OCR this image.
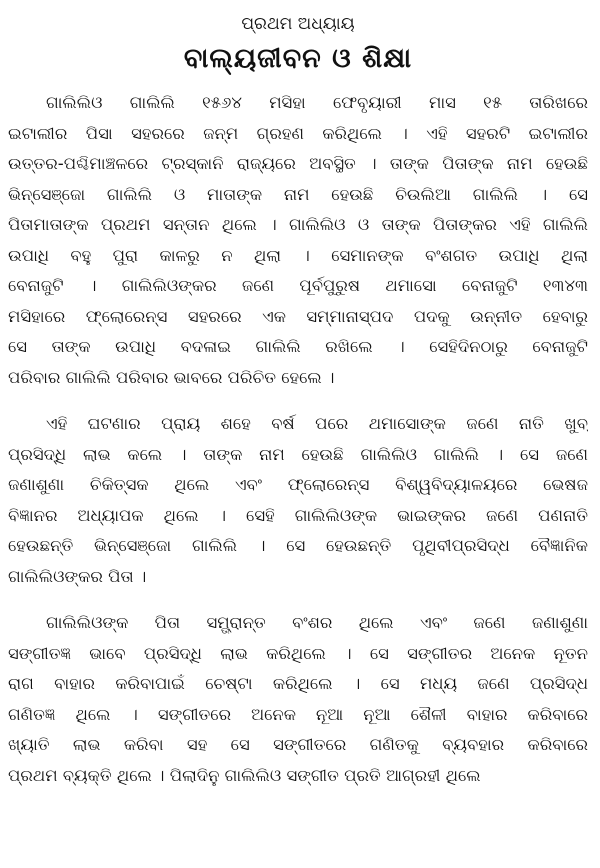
ପ୍ରଥମ ଅଧ୍ୟାୟ
ବାଲ୍ୟଜୀବନ ଓ ଶିକ୍ଷା
ଗାଲିଲିଓ ଗାଲିଲି ୧୫୬୪ ମସିହା ଫେବୃୟାରୀ ମାସ ୧୫ ତାରିଖରେ
ଇଟାଲୀର ପିସା ସହରରେ ଜନ୍ମ ଗ୍ରହଣ କରିଥିଲେ । ଏହି ସହରଟି ଇଟାଲୀର
ଉତ୍ତର-ପଶ୍ଚିମାଞ୍ଚଳରେ ଟ୍ରସ୍କାନି ରାଜ୍ୟରେ ଅବସ୍ଥିତ । ତାଙ୍କ ପିତାଙ୍କ ନାମ ହେଉଛି
ଭିନ୍‌ସେଞ୍ଜୋ ଗାଲିଲି ଓ ମାତାଙ୍କ ନାମ ହେଉଛି ଚିଉଲିଆ ଗାଲିଲି । ସେ
ପିତାମାତାଙ୍କ ପ୍ରଥମ ସନ୍ତାନ ଥିଲେ । ଗାଲିଲିଓ ଓ ତାଙ୍କ ପିତାଙ୍କର ଏହି ଗାଲିଲି
ଉପାଧି ବହୁ ପୁରା କାଳରୁ ନ ଥିଲା । ସେମାନଙ୍କ ବଂଶଗତ ଉପାଧି ଥିଲା
ବେନାଜୁଟି । ଗାଲିଲିଓଙ୍କର ଜଣେ ପୂର୍ବପୁରୁଷ ଥମାସୋ ବେନାଜୁଟି ୧୩୪୩
ମସିହାରେ ଫ୍ଲୋରେନ୍ସ ସହରରେ ଏକ ସମ୍ମାନାସ୍ପଦ ପଦକୁ ଉନ୍ନୀତ ହେବାରୁ
ସେ ତାଙ୍କ ଉପାଧି ବଦଳାଇ ଗାଲିଲି ରଖିଲେ । ସେହିଦିନଠାରୁ ବେନାଜୁଟି
ପରିବାର ଗାଲିଲି ପରିବାର ଭାବରେ ପରିଚିତ ହେଲେ ।
ଏହି ଘଟଣାର ପ୍ରାୟ ଶହେ ବର୍ଷ ପରେ ଥମାସୋଙ୍କ ଜଣେ ନାତି ଖୁବ୍
ପ୍ରସିଦ୍ଧି ଲାଭ କଲେ । ତାଙ୍କ ନାମ ହେଉଛି ଗାଲିଲିଓ ଗାଲିଲି । ସେ ଜଣେ
ଜଣାଶୁଣା ଚିକିତ୍ସକ ଥିଲେ ଏବଂ ଫ୍ଲୋରେନ୍ସ ବିଶ୍ୱବିଦ୍ୟାଳୟରେ ଭେଷଜ
ବିଜ୍ଞାନର ଅଧ୍ୟାପକ ଥିଲେ । ସେହି ଗାଲିଲିଓଙ୍କ ଭାଇଙ୍କର ଜଣେ ପଣନାତି
ହେଉଛନ୍ତି ଭିନ୍‌ସେଞ୍ଜୋ ଗାଲିଲି । ସେ ହେଉଛନ୍ତି ପୃଥିବୀପ୍ରସିଦ୍ଧ ବୈଜ୍ଞାନିକ
ଗାଲିଲିଓଙ୍କର ପିତା ।
ଗାଲିଲିଓଙ୍କ ପିତା ସମ୍ଭ୍ରାନ୍ତ ବଂଶର ଥିଲେ ଏବଂ ଜଣେ ଜଣାଶୁଣା
ସଙ୍ଗୀତଜ୍ଞ ଭାବେ ପ୍ରସିଦ୍ଧି ଲାଭ କରିଥିଲେ । ସେ ସଙ୍ଗୀତର ଅନେକ ନୂତନ
ରାଗ ବାହାର କରିବାପାଇଁ ଚେଷ୍ଟା କରିଥିଲେ । ସେ ମଧ୍ୟ ଜଣେ ପ୍ରସିଦ୍ଧ
ଗଣିତଜ୍ଞ ଥିଲେ । ସଙ୍ଗୀତରେ ଅନେକ ନୂଆ ନୂଆ ଶୈଳୀ ବାହାର କରିବାରେ
ଖ୍ୟାତି ଲାଭ କରିବା ସହ ସେ ସଙ୍ଗୀତରେ ଗଣିତକୁ ବ୍ୟବହାର କରିବାରେ
ପ୍ରଥମ ବ୍ୟକ୍ତି ଥିଲେ । ପିଲାଦିନୁ ଗାଲିଲିଓ ସଙ୍ଗୀତ ପ୍ରତି ଆଗ୍ରହୀ ଥିଲେ
